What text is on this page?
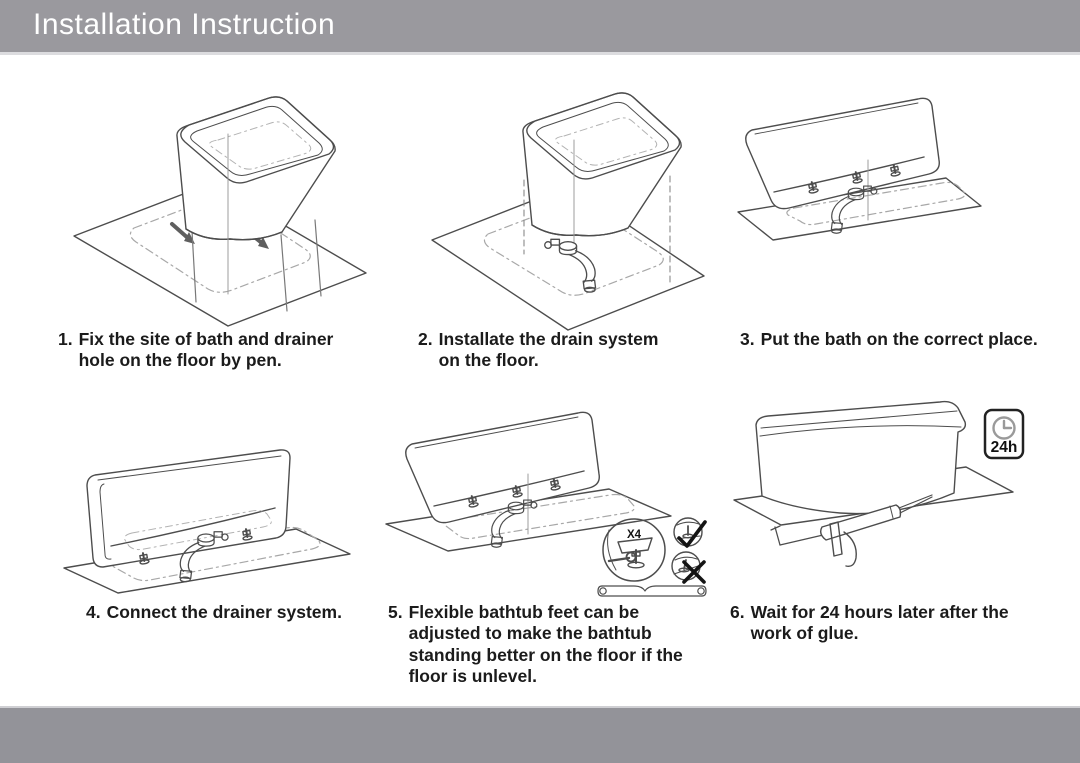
Installation Instruction
X4
24h
1. Fix the site of bath and drainer hole on the floor by pen.
2. Installate the drain system on the floor.
3. Put the bath on the correct place.
4. Connect the drainer system.	5. Flexible bathtub feet can be adjusted to make the bathtub standing better on the floor if the floor is unlevel.
6. Wait for 24 hours later after the work of glue.
